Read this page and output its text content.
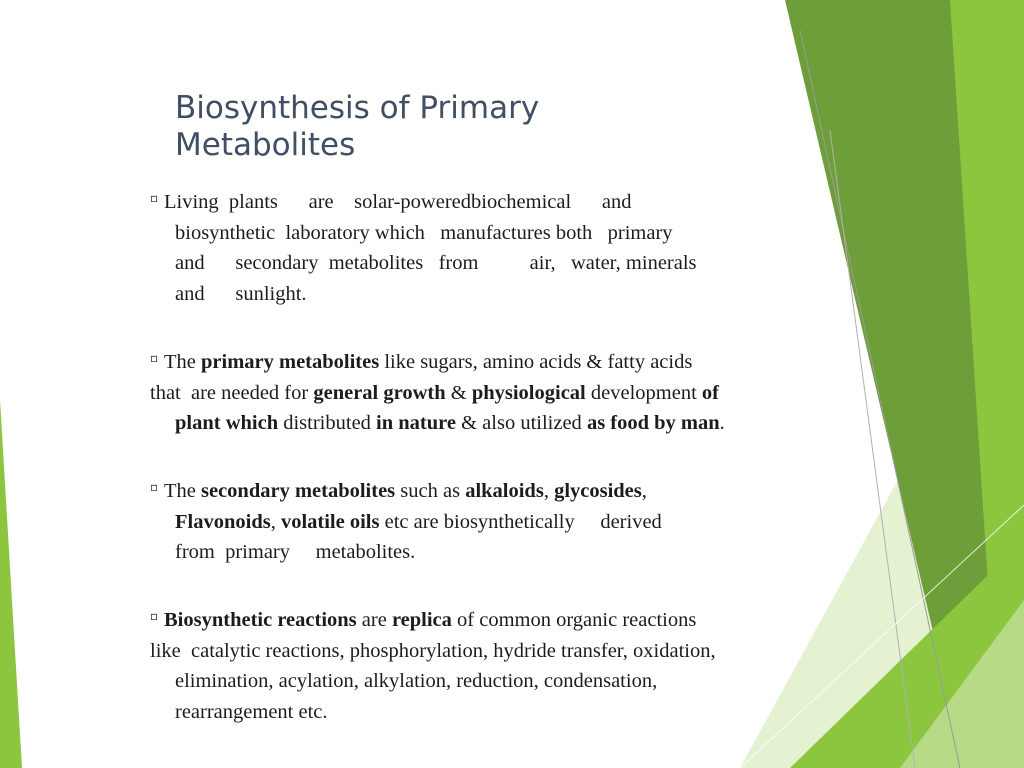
Biosynthesis of Primary
Metabolites
▫ Living  plants      are    solar-poweredbiochemical      and
biosynthetic  laboratory which   manufactures both   primary
and      secondary  metabolites   from          air,   water, minerals
and      sunlight.
▫ The primary metabolites like sugars, amino acids & fatty acids
that  are needed for general growth & physiological development of
plant which distributed in nature & also utilized as food by man.
▫ The secondary metabolites such as alkaloids, glycosides,
Flavonoids, volatile oils etc are biosynthetically     derived
from  primary     metabolites.
▫ Biosynthetic reactions are replica of common organic reactions
like  catalytic reactions, phosphorylation, hydride transfer, oxidation,
elimination, acylation, alkylation, reduction, condensation,
rearrangement etc.
